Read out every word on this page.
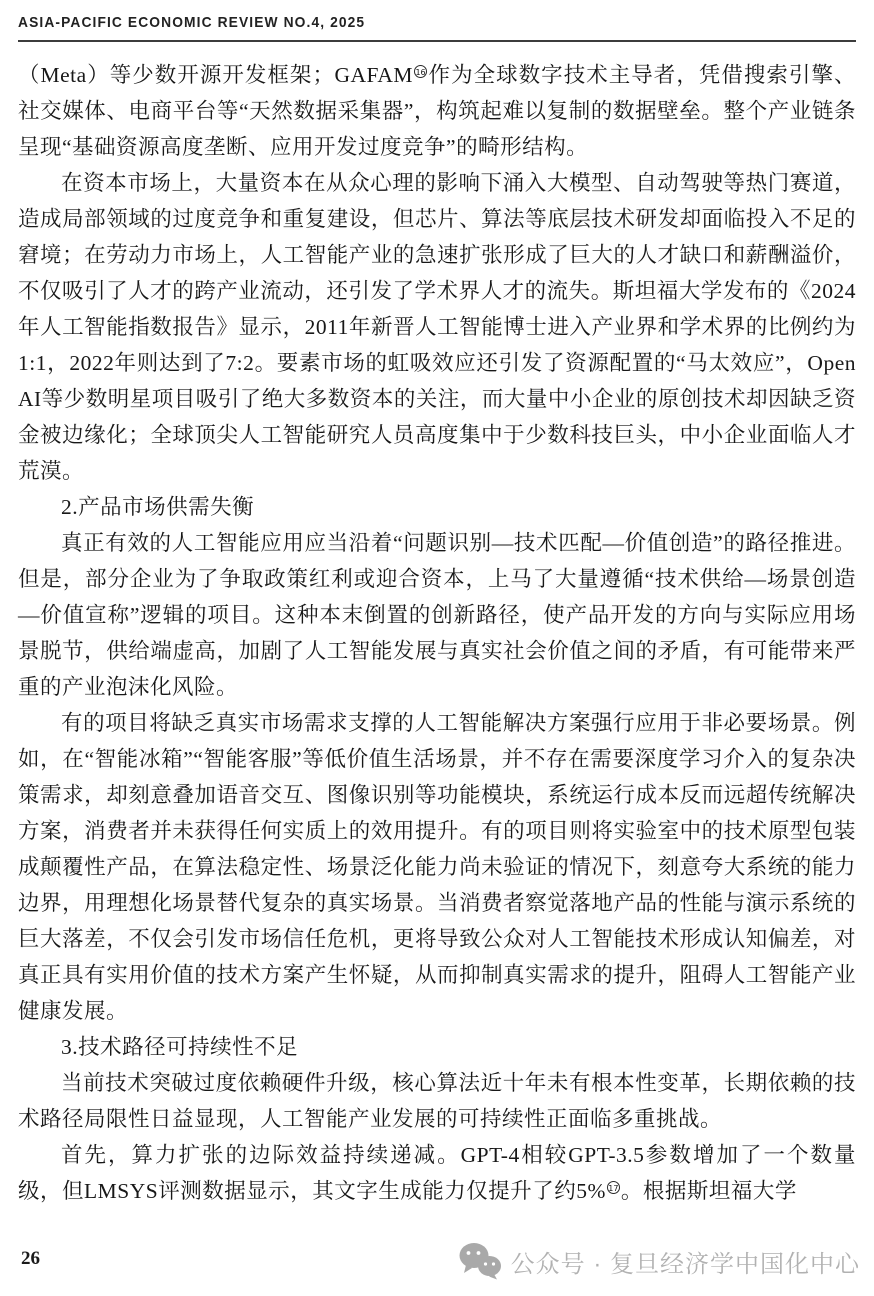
ASIA-PACIFIC ECONOMIC REVIEW NO.4, 2025

（Meta）等少数开源开发框架；GAFAM 16 作为全球数字技术主导者，凭借搜索引擎、社交媒体、电商平台等“天然数据采集器”，构筑起难以复制的数据壁垒。整个产业链条呈现“基础资源高度垄断、应用开发过度竞争”的畸形结构。

在资本市场上，大量资本在从众心理的影响下涌入大模型、自动驾驶等热门赛道，造成局部领域的过度竞争和重复建设，但芯片、算法等底层技术研发却面临投入不足的窘境；在劳动力市场上，人工智能产业的急速扩张形成了巨大的人才缺口和薪酬溢价，不仅吸引了人才的跨产业流动，还引发了学术界人才的流失。斯坦福大学发布的《2024年人工智能指数报告》显示，2011年新晋人工智能博士进入产业界和学术界的比例约为1:1，2022年则达到了7:2。要素市场的虹吸效应还引发了资源配置的“马太效应”，Open AI等少数明星项目吸引了绝大多数资本的关注，而大量中小企业的原创技术却因缺乏资金被边缘化；全球顶尖人工智能研究人员高度集中于少数科技巨头，中小企业面临人才荒漠。

2.产品市场供需失衡

真正有效的人工智能应用应当沿着“问题识别—技术匹配—价值创造”的路径推进。但是，部分企业为了争取政策红利或迎合资本，上马了大量遵循“技术供给—场景创造—价值宣称”逻辑的项目。这种本末倒置的创新路径，使产品开发的方向与实际应用场景脱节，供给端虚高，加剧了人工智能发展与真实社会价值之间的矛盾，有可能带来严重的产业泡沫化风险。

有的项目将缺乏真实市场需求支撑的人工智能解决方案强行应用于非必要场景。例如，在“智能冰箱”“智能客服”等低价值生活场景，并不存在需要深度学习介入的复杂决策需求，却刻意叠加语音交互、图像识别等功能模块，系统运行成本反而远超传统解决方案，消费者并未获得任何实质上的效用提升。有的项目则将实验室中的技术原型包装成颠覆性产品，在算法稳定性、场景泛化能力尚未验证的情况下，刻意夸大系统的能力边界，用理想化场景替代复杂的真实场景。当消费者察觉落地产品的性能与演示系统的巨大落差，不仅会引发市场信任危机，更将导致公众对人工智能技术形成认知偏差，对真正具有实用价值的技术方案产生怀疑，从而抑制真实需求的提升，阻碍人工智能产业健康发展。

3.技术路径可持续性不足

当前技术突破过度依赖硬件升级，核心算法近十年未有根本性变革，长期依赖的技术路径局限性日益显现，人工智能产业发展的可持续性正面临多重挑战。

首先，算力扩张的边际效益持续递减。GPT-4相较GPT-3.5参数增加了一个数量级，但LMSYS评测数据显示，其文字生成能力仅提升了约5% 17 。根据斯坦福大学

26	公众号 · 复旦经济学中国化中心
